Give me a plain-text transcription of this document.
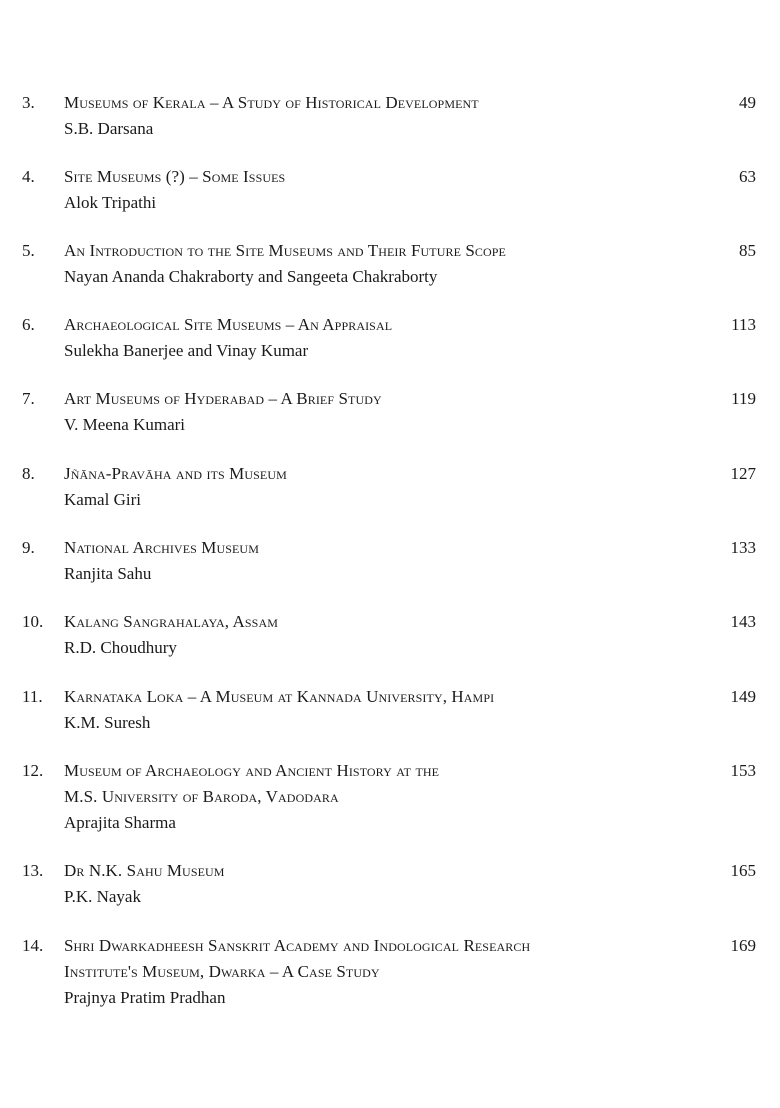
3. Museums of Kerala – A Study of Historical Development
S.B. Darsana
49
4. Site Museums (?) – Some Issues
Alok Tripathi
63
5. An Introduction to the Site Museums and Their Future Scope
Nayan Ananda Chakraborty and Sangeeta Chakraborty
85
6. Archaeological Site Museums – An Appraisal
Sulekha Banerjee and Vinay Kumar
113
7. Art Museums of Hyderabad – A Brief Study
V. Meena Kumari
119
8. Jñāna-Pravāha and its Museum
Kamal Giri
127
9. National Archives Museum
Ranjita Sahu
133
10. Kalang Sangrahalaya, Assam
R.D. Choudhury
143
11. Karnataka Loka – A Museum at Kannada University, Hampi
K.M. Suresh
149
12. Museum of Archaeology and Ancient History at the
M.S. University of Baroda, Vadodara
Aprajita Sharma
153
13. Dr N.K. Sahu Museum
P.K. Nayak
165
14. Shri Dwarkadheesh Sanskrit Academy and Indological Research
Institute's Museum, Dwarka – A Case Study
Prajnya Pratim Pradhan
169
